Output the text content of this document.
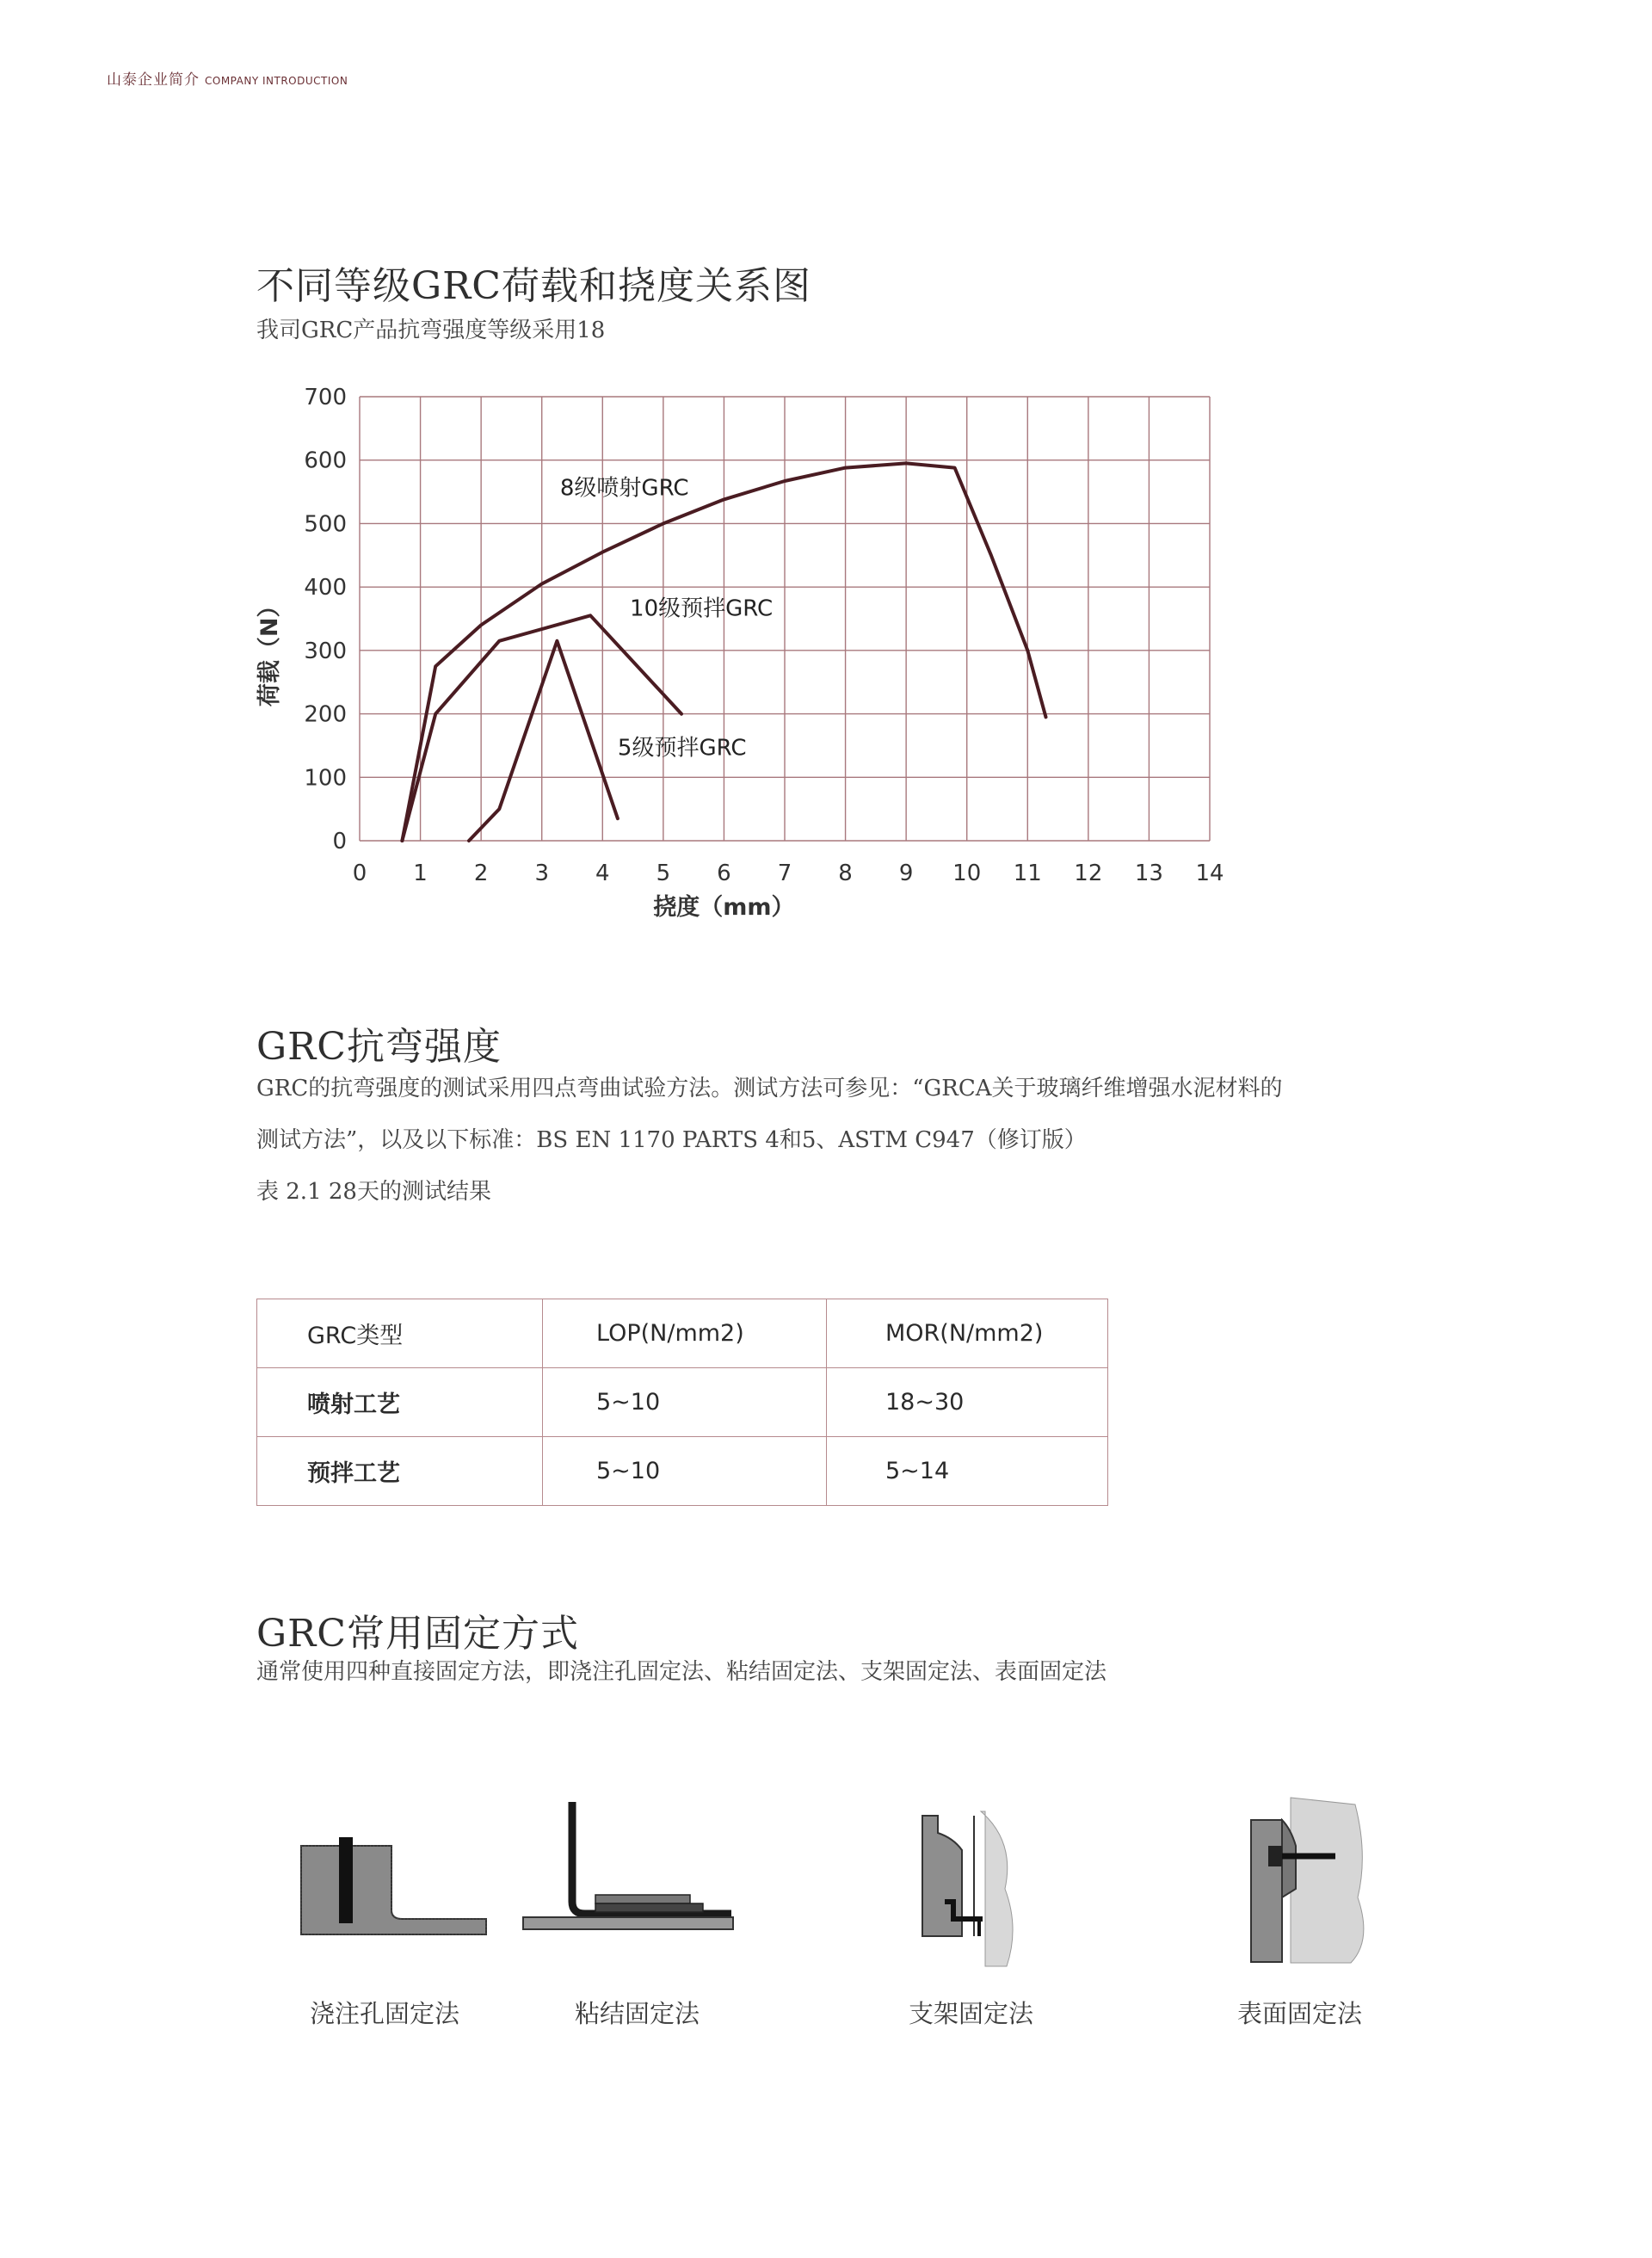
山泰企业简介 COMPANY INTRODUCTION
不同等级GRC荷载和挠度关系图

我司GRC产品抗弯强度等级采用18

0 1 2 3 4 5 6 7 8 9 10 11 12 13 14
0
100
200
300
400
500
600
700
挠度（mm）
荷载（N）
8级喷射GRC
10级预拌GRC
5级预拌GRC
GRC抗弯强度

GRC的抗弯强度的测试采用四点弯曲试验方法。测试方法可参见：“GRCA关于玻璃纤维增强水泥材料的

测试方法”，以及以下标准：BS EN 1170 PARTS 4和5、ASTM C947（修订版）

表 2.1 28天的测试结果

GRC类型	LOP(N/mm2)	MOR(N/mm2)
喷射工艺	5~10	18~30
预拌工艺	5~10	5~14
GRC常用固定方式

通常使用四种直接固定方法，即浇注孔固定法、粘结固定法、支架固定法、表面固定法

浇注孔固定法	粘结固定法	支架固定法	表面固定法
